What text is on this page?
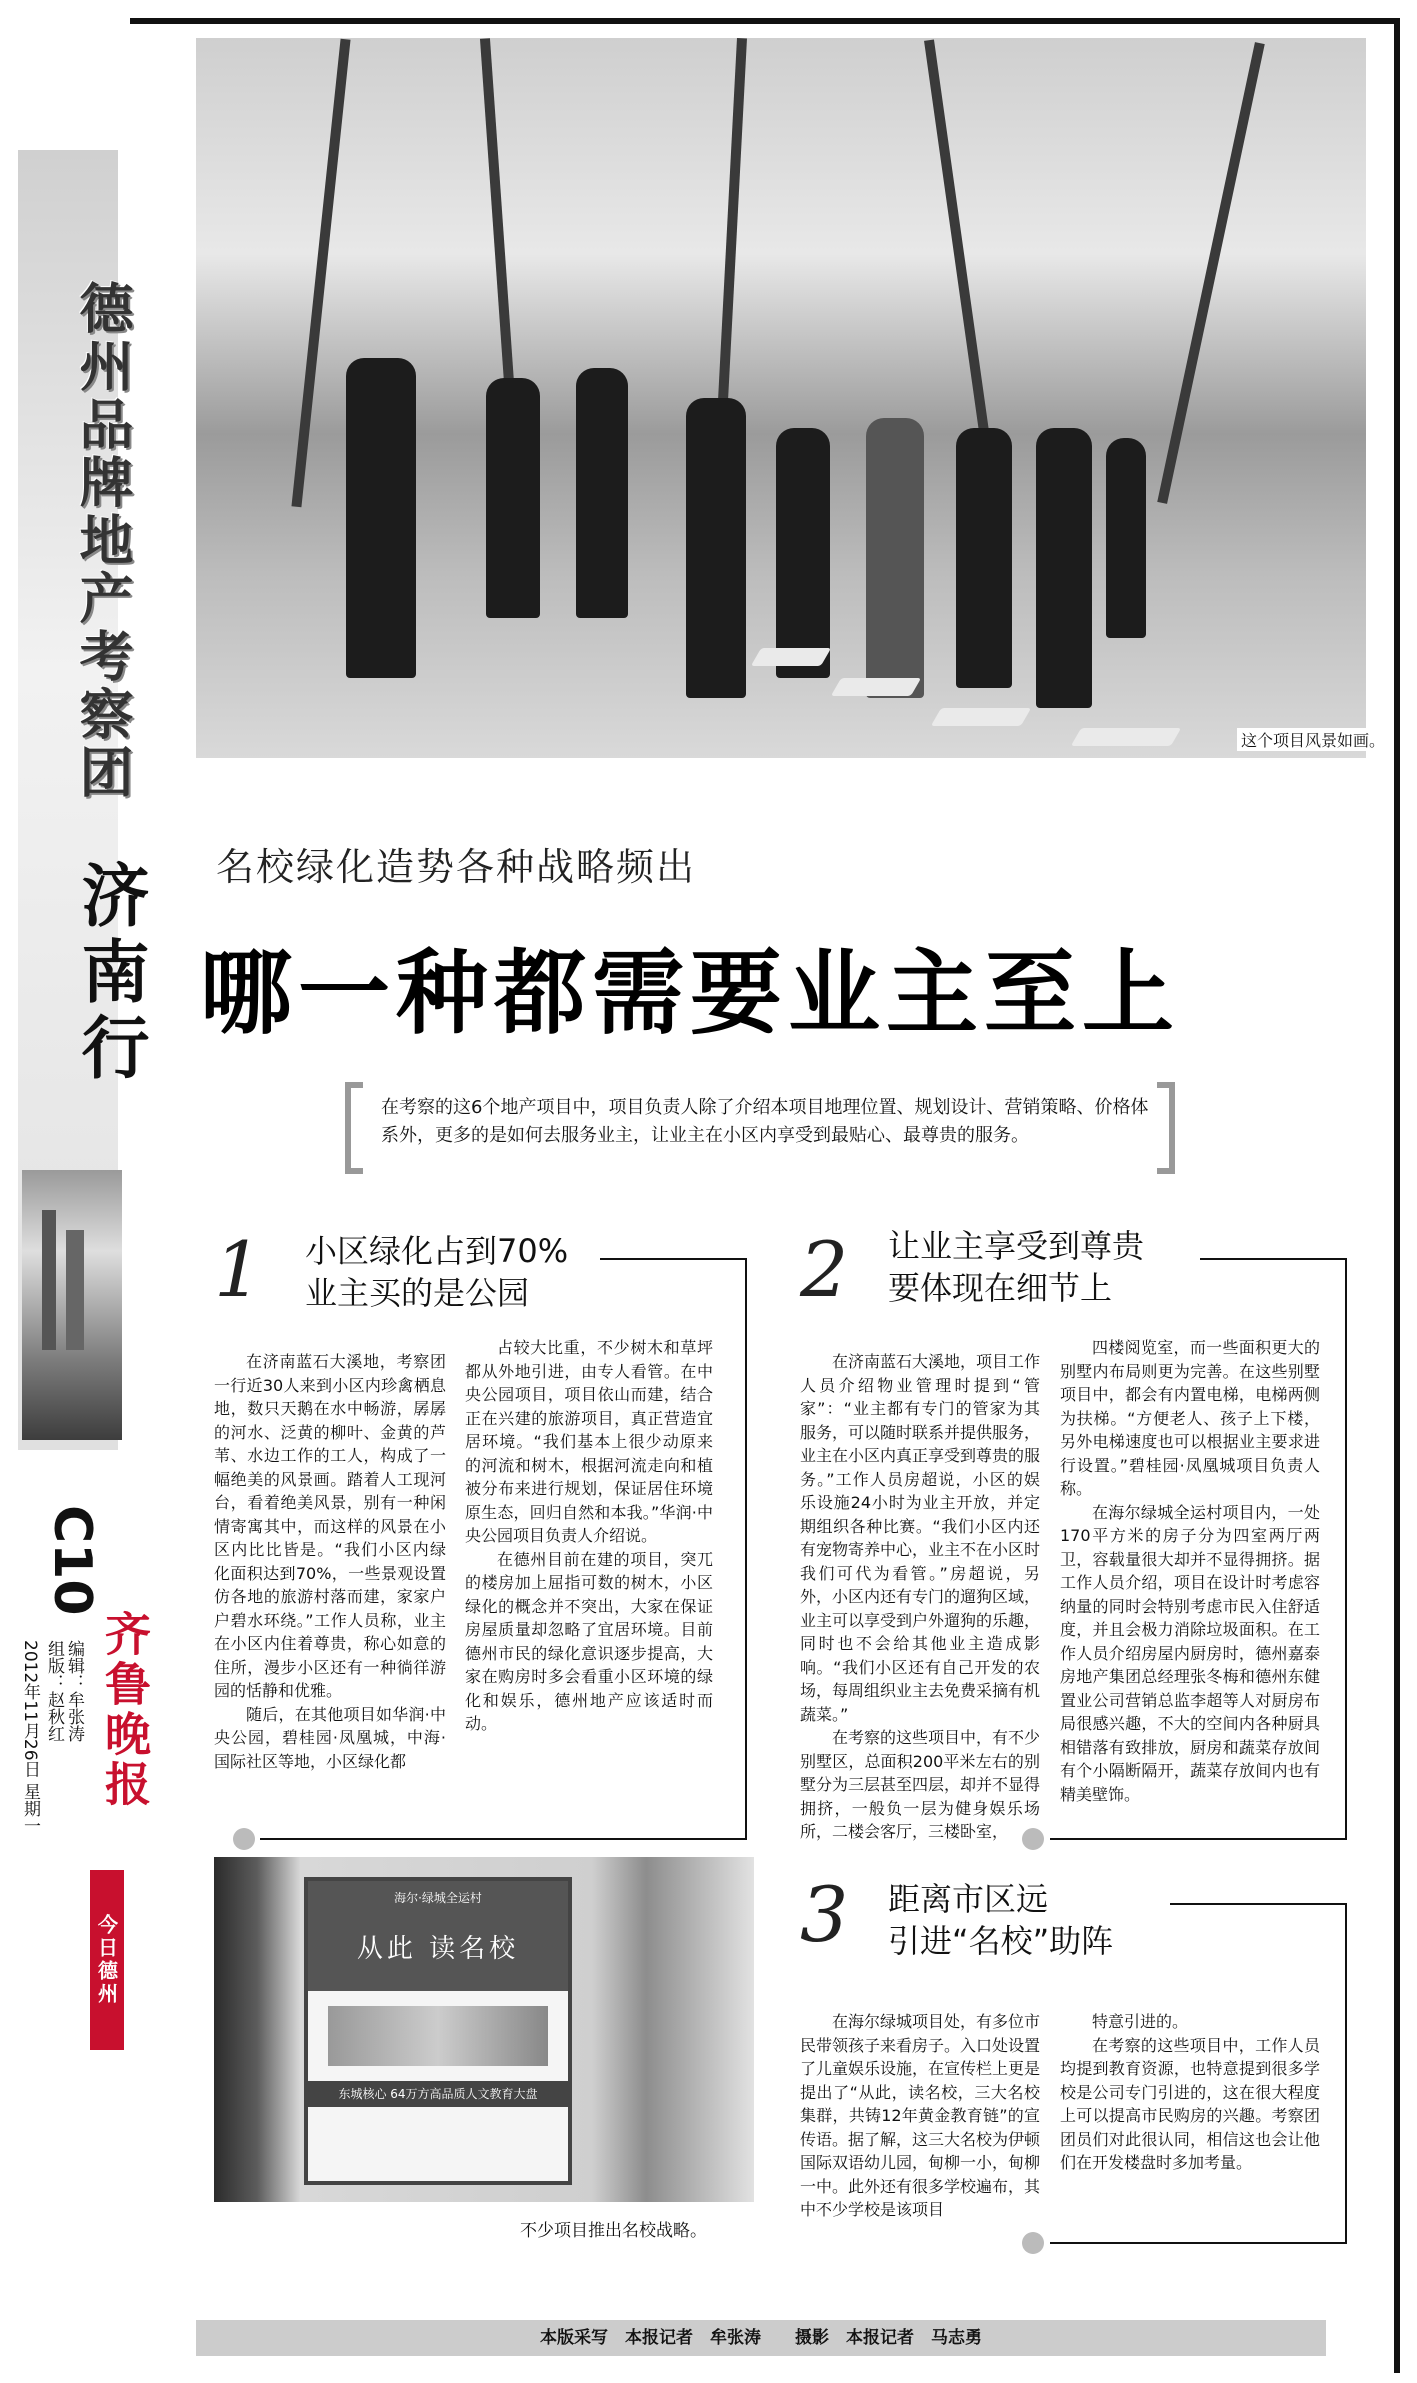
德州品牌地产考察团
济南行
C10
齐鲁晚报
编辑：牟张涛
组版：赵秋红
2012年11月26日 星期一
今日德州
这个项目风景如画。
名校绿化造势各种战略频出
哪一种都需要业主至上
在考察的这6个地产项目中，项目负责人除了介绍本项目地理位置、规划设计、营销策略、价格体系外，更多的是如何去服务业主，让业主在小区内享受到最贴心、最尊贵的服务。
1 小区绿化占到70%
业主买的是公园
在济南蓝石大溪地，考察团一行近30人来到小区内珍禽栖息地，数只天鹅在水中畅游，孱孱的河水、泛黄的柳叶、金黄的芦苇、水边工作的工人，构成了一幅绝美的风景画。踏着人工现河台，看着绝美风景，别有一种闲情寄寓其中，而这样的风景在小区内比比皆是。“我们小区内绿化面积达到70%，一些景观设置仿各地的旅游村落而建，家家户户碧水环绕。”工作人员称，业主在小区内住着尊贵，称心如意的住所，漫步小区还有一种徜徉游园的恬静和优雅。
随后，在其他项目如华润·中央公园，碧桂园·凤凰城，中海·国际社区等地，小区绿化都
占较大比重，不少树木和草坪都从外地引进，由专人看管。在中央公园项目，项目依山而建，结合正在兴建的旅游项目，真正营造宜居环境。“我们基本上很少动原来的河流和树木，根据河流走向和植被分布来进行规划，保证居住环境原生态，回归自然和本我。”华润·中央公园项目负责人介绍说。
在德州目前在建的项目，突兀的楼房加上屈指可数的树木，小区绿化的概念并不突出，大家在保证房屋质量却忽略了宜居环境。目前德州市民的绿化意识逐步提高，大家在购房时多会看重小区环境的绿化和娱乐，德州地产应该适时而动。
2 让业主享受到尊贵
要体现在细节上
在济南蓝石大溪地，项目工作人员介绍物业管理时提到“管家”：“业主都有专门的管家为其服务，可以随时联系并提供服务，业主在小区内真正享受到尊贵的服务。”工作人员房超说，小区的娱乐设施24小时为业主开放，并定期组织各种比赛。“我们小区内还有宠物寄养中心，业主不在小区时我们可代为看管。”房超说，另外，小区内还有专门的遛狗区域，业主可以享受到户外遛狗的乐趣，同时也不会给其他业主造成影响。“我们小区还有自己开发的农场，每周组织业主去免费采摘有机蔬菜。”
在考察的这些项目中，有不少别墅区，总面积200平米左右的别墅分为三层甚至四层，却并不显得拥挤，一般负一层为健身娱乐场所，二楼会客厅，三楼卧室，
四楼阅览室，而一些面积更大的别墅内布局则更为完善。在这些别墅项目中，都会有内置电梯，电梯两侧为扶梯。“方便老人、孩子上下楼，另外电梯速度也可以根据业主要求进行设置。”碧桂园·凤凰城项目负责人称。
在海尔绿城全运村项目内，一处170平方米的房子分为四室两厅两卫，容载量很大却并不显得拥挤。据工作人员介绍，项目在设计时考虑容纳量的同时会特别考虑市民入住舒适度，并且会极力消除垃圾面积。在工作人员介绍房屋内厨房时，德州嘉泰房地产集团总经理张冬梅和德州东健置业公司营销总监李超等人对厨房布局很感兴趣，不大的空间内各种厨具相错落有致排放，厨房和蔬菜存放间有个小隔断隔开，蔬菜存放间内也有精美壁饰。
3 距离市区远
引进“名校”助阵
在海尔绿城项目处，有多位市民带领孩子来看房子。入口处设置了儿童娱乐设施，在宣传栏上更是提出了“从此，读名校，三大名校集群，共铸12年黄金教育链”的宣传语。据了解，这三大名校为伊顿国际双语幼儿园，甸柳一小，甸柳一中。此外还有很多学校遍布，其中不少学校是该项目
特意引进的。
在考察的这些项目中，工作人员均提到教育资源，也特意提到很多学校是公司专门引进的，这在很大程度上可以提高市民购房的兴趣。考察团团员们对此很认同，相信这也会让他们在开发楼盘时多加考量。
海尔·绿城全运村
从此 读名校
东城核心 64万方高品质人文教育大盘
不少项目推出名校战略。
本版采写　本报记者　牟张涛　　摄影　本报记者　马志勇
